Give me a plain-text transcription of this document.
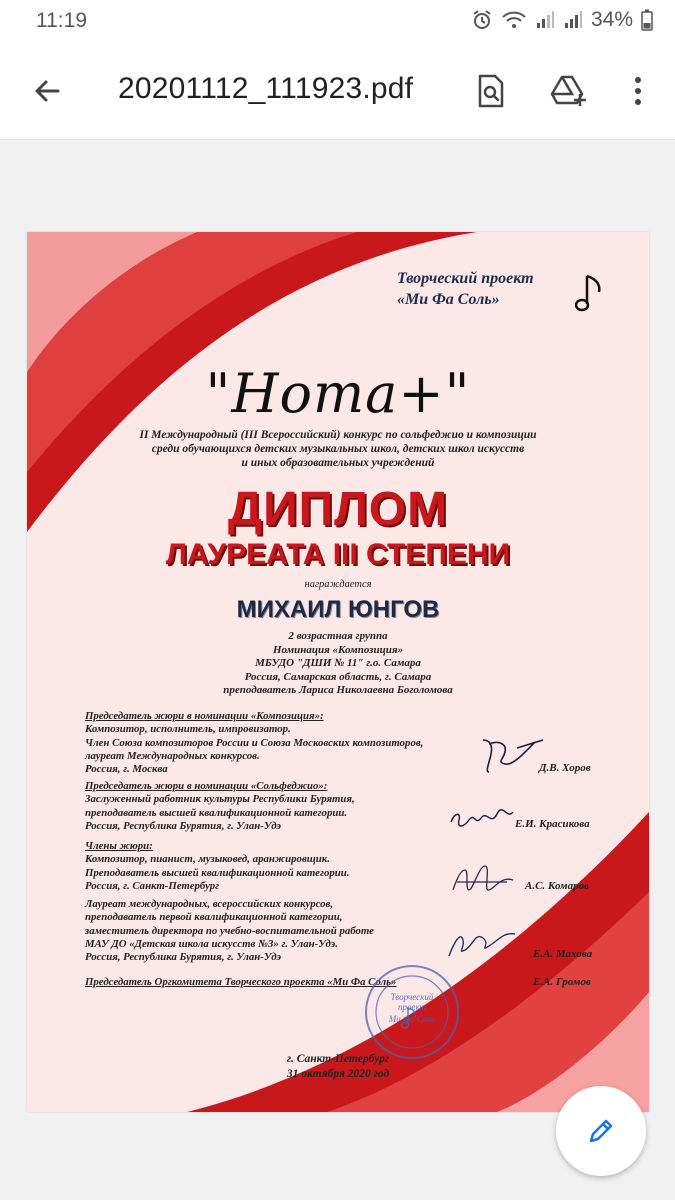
11:19	34%
20201112_111923.pdf
Творческий проект
«Ми Фа Соль»
"Нота+"
II Международный (III Всероссийский) конкурс по сольфеджио и композиции
среди обучающихся детских музыкальных школ, детских школ искусств
и иных образовательных учреждений
ДИПЛОМ
ЛАУРЕАТА III СТЕПЕНИ
награждается
МИХАИЛ ЮНГОВ
2 возрастная группа
Номинация «Композиция»
МБУДО "ДШИ № 11" г.о. Самара
Россия, Самарская область, г. Самара
преподаватель Лариса Николаевна Боголомова
Председатель жюри в номинации «Композиция»:
Композитор, исполнитель, импровизатор.
Член Союза композиторов России и Союза Московских композиторов,
лауреат Международных конкурсов.
Россия, г. Москва	Д.В. Хоров
Председатель жюри в номинации «Сольфеджио»:
Заслуженный работник культуры Республики Бурятия,
преподаватель высшей квалификационной категории.
Россия, Республика Бурятия, г. Улан-Удэ	Е.И. Красикова
Члены жюри:
Композитор, пианист, музыковед, аранжировщик.
Преподаватель высшей квалификационной категории.
Россия, г. Санкт-Петербург	А.С. Комаров
Лауреат международных, всероссийских конкурсов,
преподаватель первой квалификационной категории,
заместитель директора по учебно-воспитательной работе
МАУ ДО «Детская школа искусств №3» г. Улан-Удэ.
Россия, Республика Бурятия, г. Улан-Удэ	Е.А. Махова
Председатель Оргкомитета Творческого проекта «Ми Фа Соль»	Е.А. Громов
Творческий
проект
Ми Фа Соль
г. Санкт-Петербург
31 октября 2020 год
